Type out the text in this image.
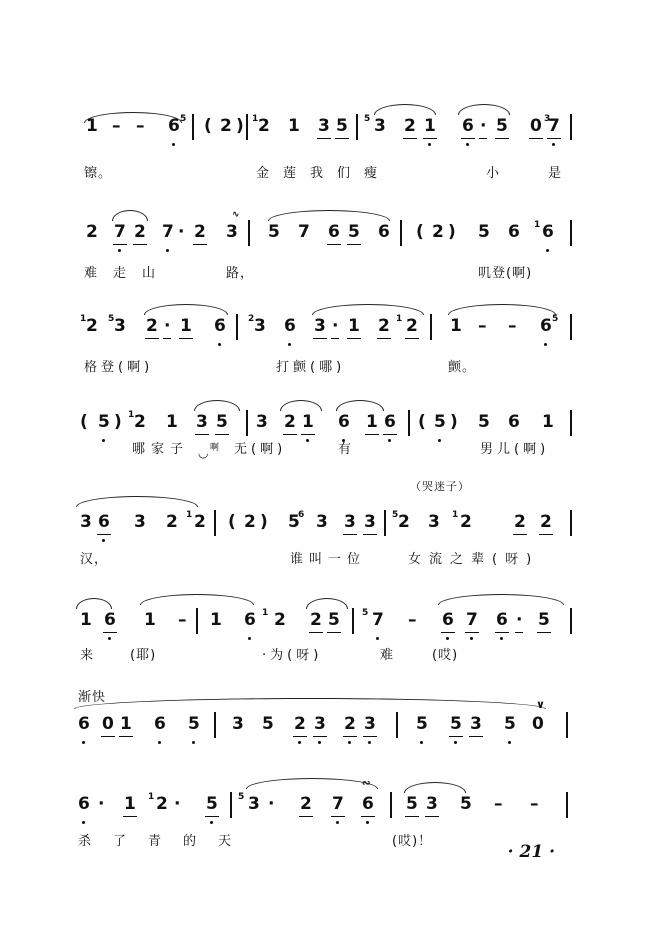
1 – – 6 5 ( 2 ) 1 2 1 3 5 5 3 2 1 6 · 5 0 7
3
镲。	金莲我们瘦	小	是
2 7 2 7 · 2 3
∿
5 7 6 5 6 ( 2 ) 5 6 1 6
难走山	路，	叽登(啊)
1 2 5 3 2 · 1 6 2 3 6 3 · 1 2 1 2 1 – – 6 5
格登(啊)	打颤(哪)	颤。
( 5 ) 1 2 1 3 5 3 2 1 6 1 6 ( 5 ) 5 6 1
哪家子 啊 无(啊)	有	男儿(啊)
◡
（哭迷子）
3 6 3 2 1 2 ( 2 ) 5
6 3 3 3 5 2 3 1 2 2 2
汉，	谁叫一位	女流之辈(呀)
1 6 1 – 1 6 1 2 2 5 5 7 – 6 7 6 · 5
来	(耶)	·为(呀)	难	(哎)
渐快
6 0 1 6 5 3 5 2 3 2 3 5 5 3 5 0
∨
6 · 1 1 2 · 5 5 3 · 2 7 6
∾
5 3 5 – –
杀了青的天	(哎)！
· 21 ·
